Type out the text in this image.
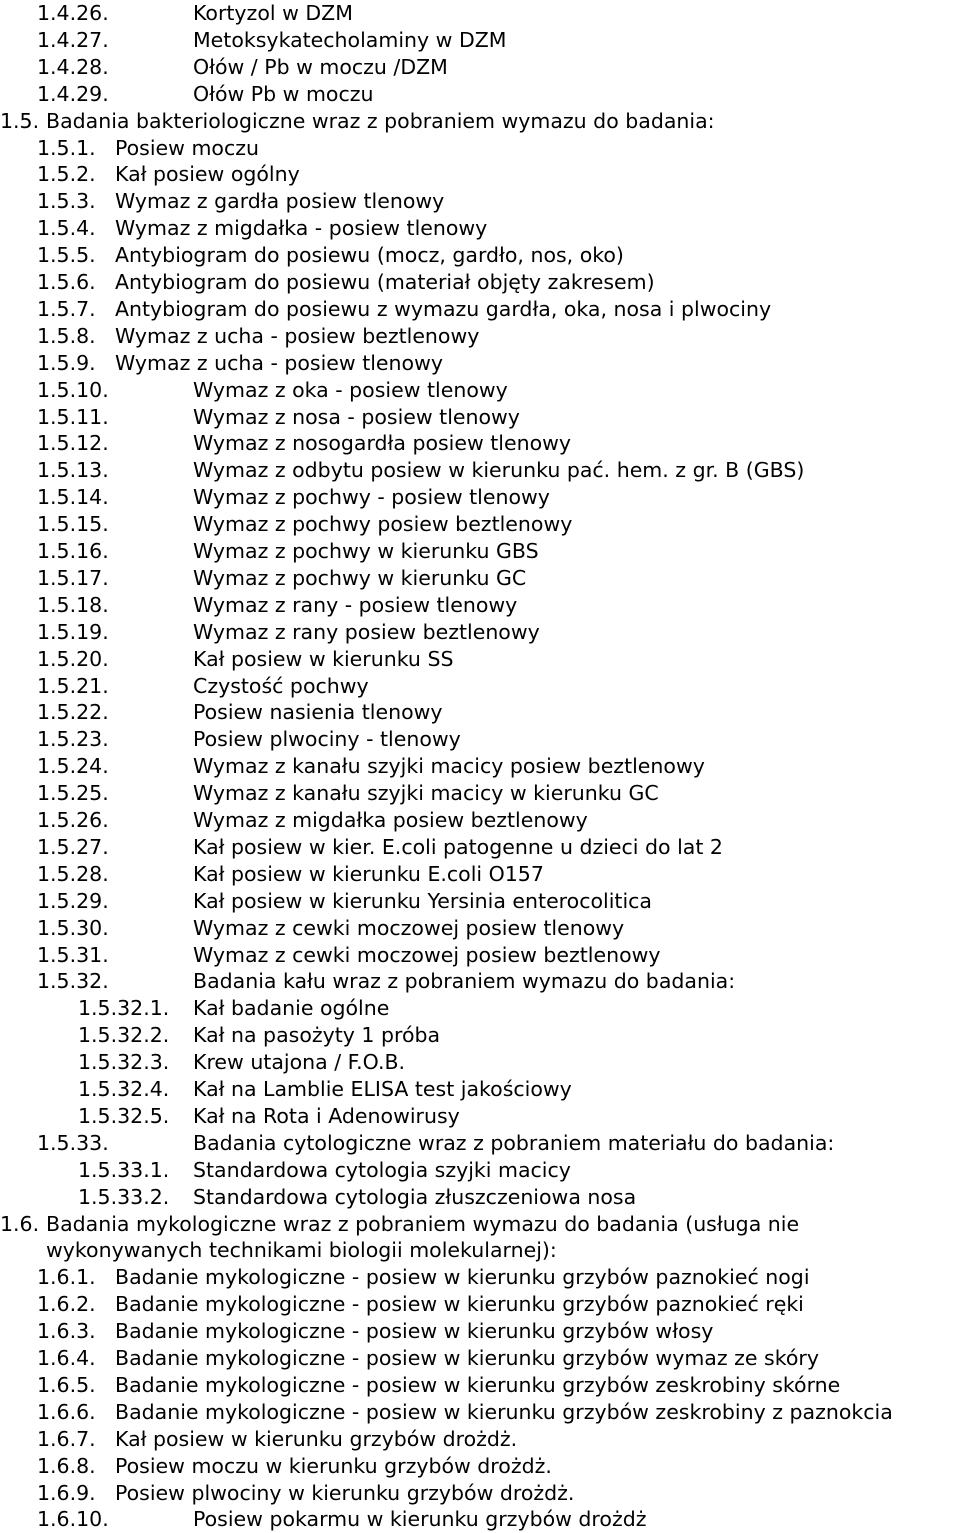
1.4.26.	Kortyzol w DZM
1.4.27.	Metoksykatecholaminy w DZM
1.4.28.	Ołów / Pb w moczu /DZM
1.4.29.	Ołów Pb w moczu
1.5. Badania bakteriologiczne wraz z pobraniem wymazu do badania:
1.5.1. Posiew moczu
1.5.2. Kał posiew ogólny
1.5.3. Wymaz z gardła posiew tlenowy
1.5.4. Wymaz z migdałka - posiew tlenowy
1.5.5. Antybiogram do posiewu (mocz, gardło, nos, oko)
1.5.6. Antybiogram do posiewu (materiał objęty zakresem)
1.5.7. Antybiogram do posiewu z wymazu gardła, oka, nosa i plwociny
1.5.8. Wymaz z ucha - posiew beztlenowy
1.5.9. Wymaz z ucha - posiew tlenowy
1.5.10.	Wymaz z oka - posiew tlenowy
1.5.11.	Wymaz z nosa - posiew tlenowy
1.5.12.	Wymaz z nosogardła posiew tlenowy
1.5.13.	Wymaz z odbytu posiew w kierunku pać. hem. z gr. B (GBS)
1.5.14.	Wymaz z pochwy - posiew tlenowy
1.5.15.	Wymaz z pochwy posiew beztlenowy
1.5.16.	Wymaz z pochwy w kierunku GBS
1.5.17.	Wymaz z pochwy w kierunku GC
1.5.18.	Wymaz z rany - posiew tlenowy
1.5.19.	Wymaz z rany posiew beztlenowy
1.5.20.	Kał posiew w kierunku SS
1.5.21.	Czystość pochwy
1.5.22.	Posiew nasienia tlenowy
1.5.23.	Posiew plwociny - tlenowy
1.5.24.	Wymaz z kanału szyjki macicy posiew beztlenowy
1.5.25.	Wymaz z kanału szyjki macicy w kierunku GC
1.5.26.	Wymaz z migdałka posiew beztlenowy
1.5.27.	Kał posiew w kier. E.coli patogenne u dzieci do lat 2
1.5.28.	Kał posiew w kierunku E.coli O157
1.5.29.	Kał posiew w kierunku Yersinia enterocolitica
1.5.30.	Wymaz z cewki moczowej posiew tlenowy
1.5.31.	Wymaz z cewki moczowej posiew beztlenowy
1.5.32.	Badania kału wraz z pobraniem wymazu do badania:
1.5.32.1. Kał badanie ogólne
1.5.32.2. Kał na pasożyty 1 próba
1.5.32.3. Krew utajona / F.O.B.
1.5.32.4. Kał na Lamblie ELISA test jakościowy
1.5.32.5. Kał na Rota i Adenowirusy
1.5.33.	Badania cytologiczne wraz z pobraniem materiału do badania:
1.5.33.1. Standardowa cytologia szyjki macicy
1.5.33.2. Standardowa cytologia złuszczeniowa nosa
1.6. Badania mykologiczne wraz z pobraniem wymazu do badania (usługa nie
wykonywanych technikami biologii molekularnej):
1.6.1. Badanie mykologiczne - posiew w kierunku grzybów paznokieć nogi
1.6.2. Badanie mykologiczne - posiew w kierunku grzybów paznokieć ręki
1.6.3. Badanie mykologiczne - posiew w kierunku grzybów włosy
1.6.4. Badanie mykologiczne - posiew w kierunku grzybów wymaz ze skóry
1.6.5. Badanie mykologiczne - posiew w kierunku grzybów zeskrobiny skórne
1.6.6. Badanie mykologiczne - posiew w kierunku grzybów zeskrobiny z paznokcia
1.6.7. Kał posiew w kierunku grzybów drożdż.
1.6.8. Posiew moczu w kierunku grzybów drożdż.
1.6.9. Posiew plwociny w kierunku grzybów drożdż.
1.6.10.	Posiew pokarmu w kierunku grzybów drożdż
